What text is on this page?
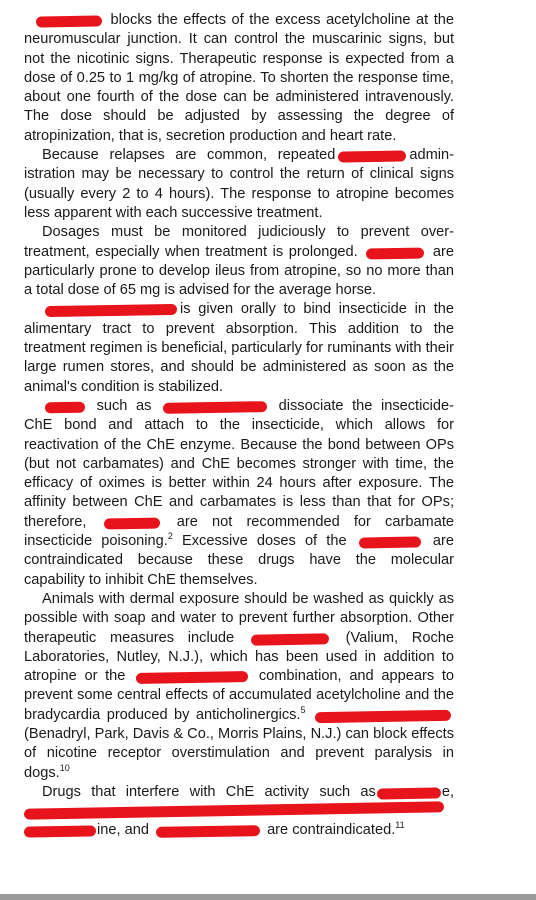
blocks the effects of the excess acetylcholine at the neuromuscular junction. It can control the muscarinic signs, but not the nicotinic signs. Therapeutic response is expected from a dose of 0.25 to 1 mg/kg of atropine. To shorten the response time, about one fourth of the dose can be administered intravenously. The dose should be adjusted by assessing the degree of atropinization, that is, secretion production and heart rate.

Because relapses are common, repeated	administration may be necessary to control the return of clinical signs (usually every 2 to 4 hours). The response to atropine becomes less apparent with each successive treatment.

Dosages must be monitored judiciously to prevent overtreatment, especially when treatment is prolonged.	are particularly prone to develop ileus from atropine, so no more than a total dose of 65 mg is advised for the average horse.

is given orally to bind insecticide in the alimentary tract to prevent absorption. This addition to the treatment regimen is beneficial, particularly for ruminants with their large rumen stores, and should be administered as soon as the animal's condition is stabilized.

such as	dissociate the insecticide-ChE bond and attach to the insecticide, which allows for reactivation of the ChE enzyme. Because the bond between OPs (but not carbamates) and ChE becomes stronger with time, the efficacy of oximes is better within 24 hours after exposure. The affinity between ChE and carbamates is less than that for OPs; therefore,	are not recommended for carbamate insecticide poisoning.$^2$ Excessive doses of the	are contraindicated because these drugs have the molecular capability to inhibit ChE themselves.

Animals with dermal exposure should be washed as quickly as possible with soap and water to prevent further absorption. Other therapeutic measures include	(Valium, Roche Laboratories, Nutley, N.J.), which has been used in addition to atropine or the	combination, and appears to prevent some central effects of accumulated acetylcholine and the bradycardia produced by anticholinergics.$^5$  (Benadryl, Park, Davis & Co., Morris Plains, N.J.) can block effects of nicotine receptor overstimulation and prevent paralysis in dogs.$^{10}$

Drugs that interfere with ChE activity such as	e,  ine, and	are contraindicated.$^{11}$
